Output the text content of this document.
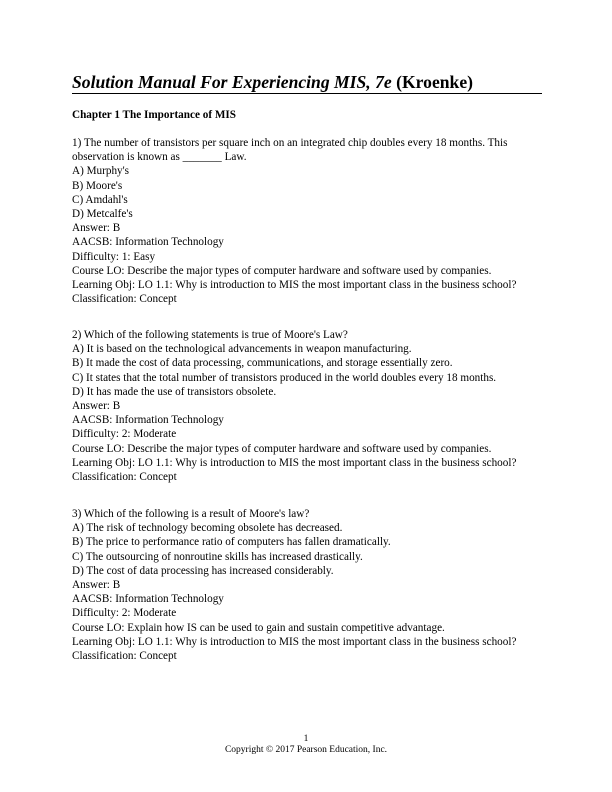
Solution Manual For Experiencing MIS, 7e (Kroenke)
Chapter 1 The Importance of MIS
1) The number of transistors per square inch on an integrated chip doubles every 18 months. This observation is known as _______ Law.
A) Murphy's
B) Moore's
C) Amdahl's
D) Metcalfe's
Answer: B
AACSB: Information Technology
Difficulty: 1: Easy
Course LO: Describe the major types of computer hardware and software used by companies.
Learning Obj: LO 1.1: Why is introduction to MIS the most important class in the business school?
Classification: Concept
2) Which of the following statements is true of Moore's Law?
A) It is based on the technological advancements in weapon manufacturing.
B) It made the cost of data processing, communications, and storage essentially zero.
C) It states that the total number of transistors produced in the world doubles every 18 months.
D) It has made the use of transistors obsolete.
Answer: B
AACSB: Information Technology
Difficulty: 2: Moderate
Course LO: Describe the major types of computer hardware and software used by companies.
Learning Obj: LO 1.1: Why is introduction to MIS the most important class in the business school?
Classification: Concept
3) Which of the following is a result of Moore's law?
A) The risk of technology becoming obsolete has decreased.
B) The price to performance ratio of computers has fallen dramatically.
C) The outsourcing of nonroutine skills has increased drastically.
D) The cost of data processing has increased considerably.
Answer: B
AACSB: Information Technology
Difficulty: 2: Moderate
Course LO: Explain how IS can be used to gain and sustain competitive advantage.
Learning Obj: LO 1.1: Why is introduction to MIS the most important class in the business school?
Classification: Concept
1
Copyright © 2017 Pearson Education, Inc.
